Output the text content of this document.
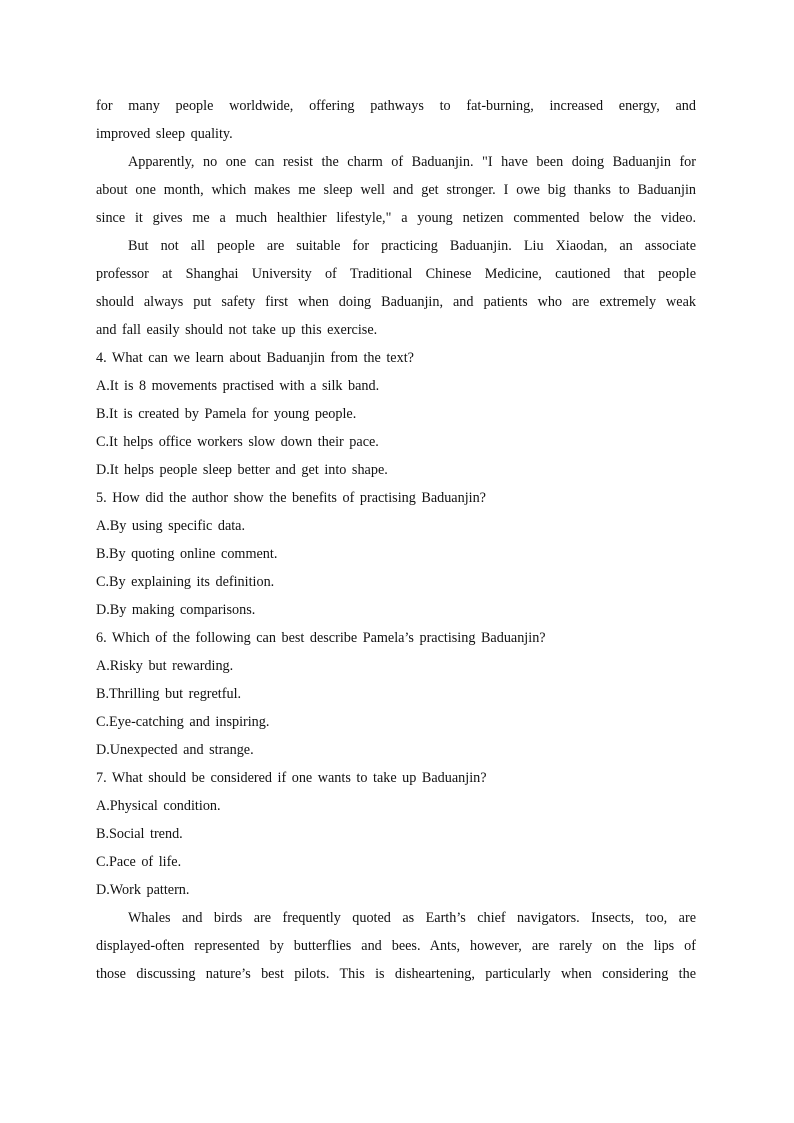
for many people worldwide, offering pathways to fat-burning, increased energy, and
improved sleep quality.
Apparently, no one can resist the charm of Baduanjin. "I have been doing Baduanjin for
about one month, which makes me sleep well and get stronger. I owe big thanks to Baduanjin
since it gives me a much healthier lifestyle," a young netizen commented below the video.
But not all people are suitable for practicing Baduanjin. Liu Xiaodan, an associate
professor at Shanghai University of Traditional Chinese Medicine, cautioned that people
should always put safety first when doing Baduanjin, and patients who are extremely weak
and fall easily should not take up this exercise.
4. What can we learn about Baduanjin from the text?
A.It is 8 movements practised with a silk band.
B.It is created by Pamela for young people.
C.It helps office workers slow down their pace.
D.It helps people sleep better and get into shape.
5. How did the author show the benefits of practising Baduanjin?
A.By using specific data.
B.By quoting online comment.
C.By explaining its definition.
D.By making comparisons.
6. Which of the following can best describe Pamela’s practising Baduanjin?
A.Risky but rewarding.
B.Thrilling but regretful.
C.Eye-catching and inspiring.
D.Unexpected and strange.
7. What should be considered if one wants to take up Baduanjin?
A.Physical condition.
B.Social trend.
C.Pace of life.
D.Work pattern.
Whales and birds are frequently quoted as Earth’s chief navigators. Insects, too, are
displayed-often represented by butterflies and bees. Ants, however, are rarely on the lips of
those discussing nature’s best pilots. This is disheartening, particularly when considering the
